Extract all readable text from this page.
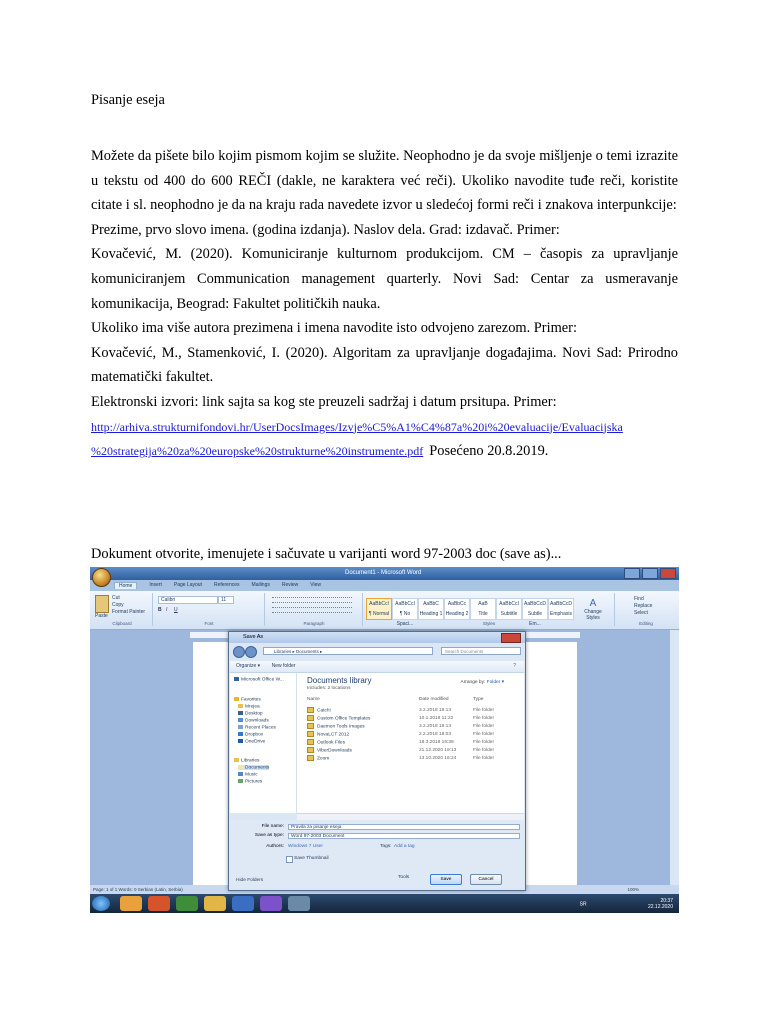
Pisanje eseja

Možete da pišete bilo kojim pismom kojim se služite. Neophodno je da svoje mišljenje o temi izrazite u tekstu od 400 do 600 REČI (dakle, ne karaktera već reči). Ukoliko navodite tuđe reči, koristite citate i sl. neophodno je da na kraju rada navedete izvor u sledećoj formi reči i znakova interpunkcije:

Prezime, prvo slovo imena. (godina izdanja). Naslov dela. Grad: izdavač. Primer:

Kovačević, M. (2020). Komuniciranje kulturnom produkcijom. CM – časopis za upravljanje komuniciranjem Communication management quarterly. Novi Sad: Centar za usmeravanje komunikacija, Beograd: Fakultet političkih nauka.

Ukoliko ima više autora prezimena i imena navodite isto odvojeno zarezom. Primer:

Kovačević, M., Stamenković, I. (2020). Algoritam za upravljanje događajima. Novi Sad: Prirodno matematički fakultet.

Elektronski izvori: link sajta sa kog ste preuzeli sadržaj i datum prsitupa. Primer:

http://arhiva.strukturnifondovi.hr/UserDocsImages/Izvje%C5%A1%C4%87a%20i%20evaluacije/Evaluacijska
%20strategija%20za%20europske%20strukturne%20instrumente.pdf Posećeno 20.8.2019.

Dokument otvorite, imenujete i sačuvate u varijanti word 97-2003 doc (save as)...
Document1 - Microsoft Word
Home	Insert Page Layout References Mailings Review View
Paste
Cut
Copy
Format Painter
Clipboard
Calibri	11
B I U
Font	Paragraph
AaBbCcI
¶ Normal
AaBbCcI
¶ No Spaci...
AaBbC
Heading 1
AaBbCc
Heading 2
AaB
Title
AaBbCcI
Subtitle
AaBbCcD
Subtle Em...
AaBbCcD
Emphasis
A
Change Styles
Styles
Find
Replace
Select
Editing
Page: 1 of 1 Words: 0 Serbian (Latin, Serbia)	100%
SR
20:37
22.12.2020
Save As
Libraries ▸ Documents ▸	Search Documents
Organize ▾ New folder	?
Microsoft Office W...
Favorites
Mrejea
Desktop
Downloads
Recent Places
Dropbox
OneDrive
Libraries
Documents
Music
Pictures
Documents library
Includes: 2 locations
Arrange by: Folder ▾
Name	Date modified	Type
Catch!	3.2.2018 19:13	File folder
Custom Office Templates	10.1.2018 11:22	File folder
Daemon Tools Images	3.2.2018 19:13	File folder
NovaLCT 2012	2.2.2018 18:03	File folder
Outlook Files	18.3.2018 16:39	File folder
ViberDownloads	21.12.2020 19:13	File folder
Zoom	13.10.2020 16:24	File folder
File name:	Pravila za pisanje eseja
Save as type:	Word 97-2003 Document
Authors: Windows 7 User	Tags: Add a tag
Save Thumbnail
Hide Folders
Tools	Save	Cancel
